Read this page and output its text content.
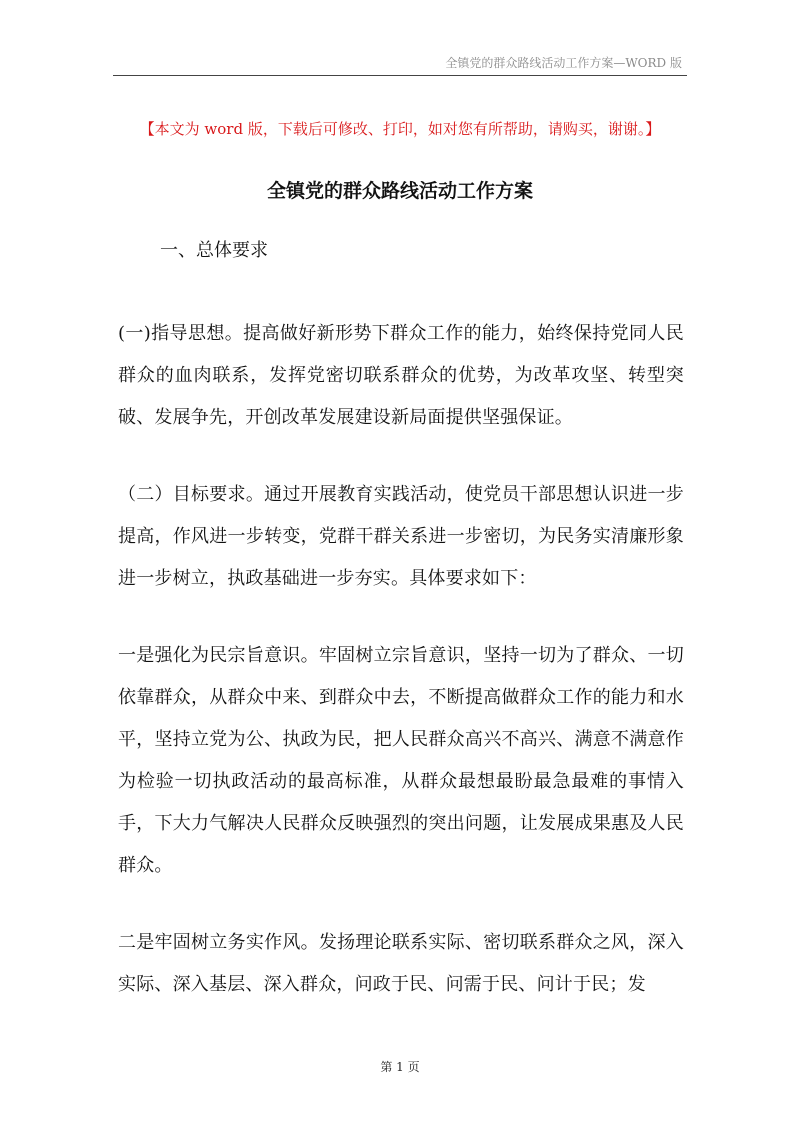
全镇党的群众路线活动工作方案—WORD 版
【本文为 word 版，下载后可修改、打印，如对您有所帮助，请购买，谢谢。】
全镇党的群众路线活动工作方案
一、总体要求

(一)指导思想。提高做好新形势下群众工作的能力，始终保持党同人民群众的血肉联系，发挥党密切联系群众的优势，为改革攻坚、转型突破、发展争先，开创改革发展建设新局面提供坚强保证。

（二）目标要求。通过开展教育实践活动，使党员干部思想认识进一步提高，作风进一步转变，党群干群关系进一步密切，为民务实清廉形象进一步树立，执政基础进一步夯实。具体要求如下：

一是强化为民宗旨意识。牢固树立宗旨意识，坚持一切为了群众、一切依靠群众，从群众中来、到群众中去，不断提高做群众工作的能力和水平，坚持立党为公、执政为民，把人民群众高兴不高兴、满意不满意作为检验一切执政活动的最高标准，从群众最想最盼最急最难的事情入手，下大力气解决人民群众反映强烈的突出问题，让发展成果惠及人民群众。

二是牢固树立务实作风。发扬理论联系实际、密切联系群众之风，深入实际、深入基层、深入群众，问政于民、问需于民、问计于民；发

第 1 页
